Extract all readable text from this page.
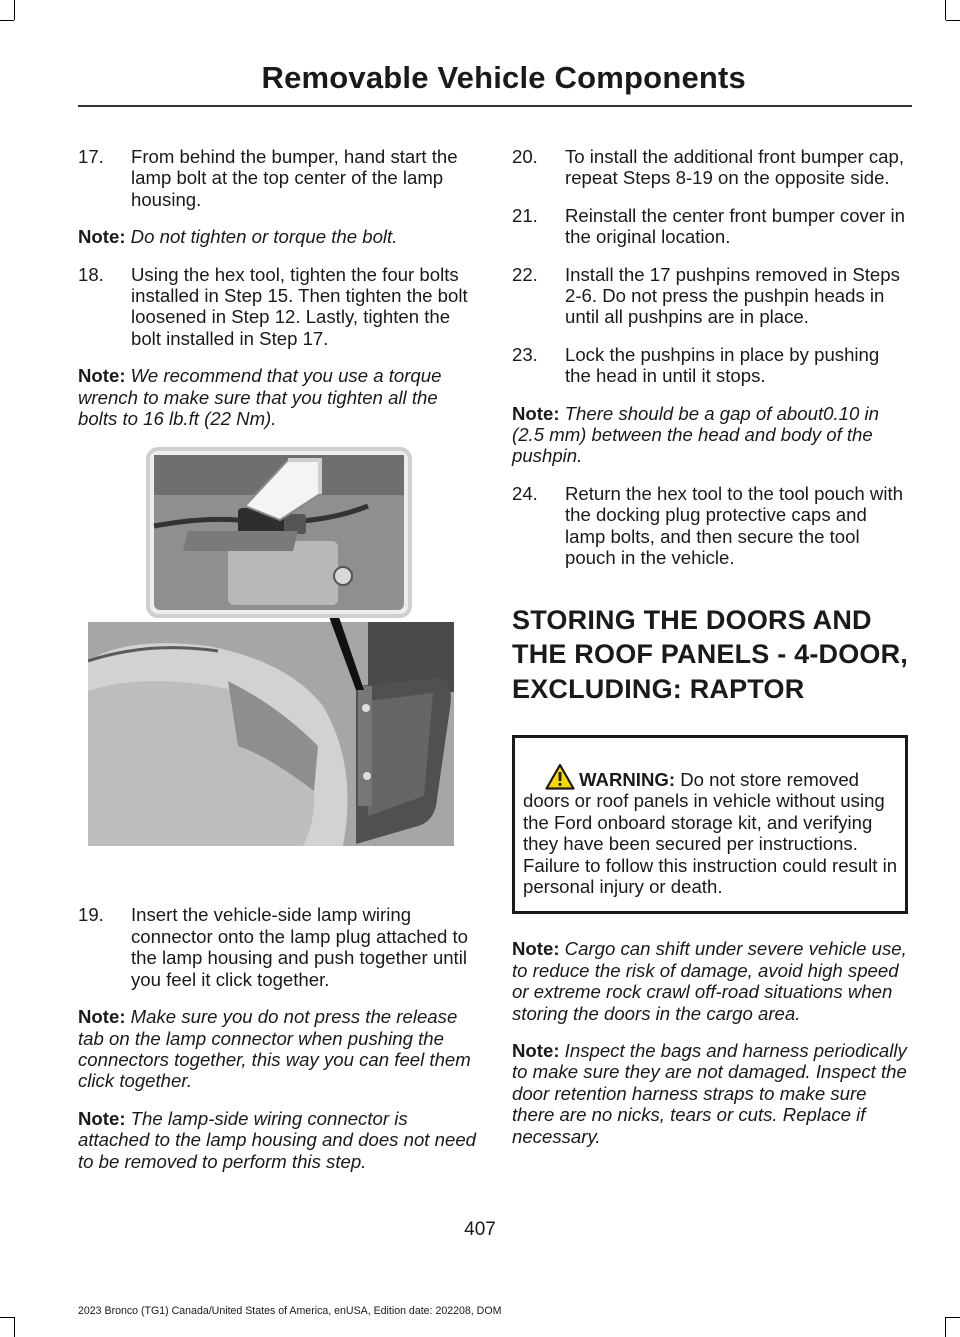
Removable Vehicle Components
17. From behind the bumper, hand start the lamp bolt at the top center of the lamp housing.

Note: Do not tighten or torque the bolt.

18. Using the hex tool, tighten the four bolts installed in Step 15. Then tighten the bolt loosened in Step 12. Lastly, tighten the bolt installed in Step 17.

Note: We recommend that you use a torque wrench to make sure that you tighten all the bolts to 16 lb.ft (22 Nm).

19. Insert the vehicle-side lamp wiring connector onto the lamp plug attached to the lamp housing and push together until you feel it click together.

Note: Make sure you do not press the release tab on the lamp connector when pushing the connectors together, this way you can feel them click together.

Note: The lamp-side wiring connector is attached to the lamp housing and does not need to be removed to perform this step.

20. To install the additional front bumper cap, repeat Steps 8-19 on the opposite side.
21. Reinstall the center front bumper cover in the original location.
22. Install the 17 pushpins removed in Steps 2-6. Do not press the pushpin heads in until all pushpins are in place.
23. Lock the pushpins in place by pushing the head in until it stops.

Note: There should be a gap of about0.10 in (2.5 mm) between the head and body of the pushpin.

24. Return the hex tool to the tool pouch with the docking plug protective caps and lamp bolts, and then secure the tool pouch in the vehicle.
STORING THE DOORS AND THE ROOF PANELS - 4-DOOR, EXCLUDING: RAPTOR
WARNING: Do not store removed doors or roof panels in vehicle without using the Ford onboard storage kit, and verifying they have been secured per instructions. Failure to follow this instruction could result in personal injury or death.

Note: Cargo can shift under severe vehicle use, to reduce the risk of damage, avoid high speed or extreme rock crawl off-road situations when storing the doors in the cargo area.

Note: Inspect the bags and harness periodically to make sure they are not damaged. Inspect the door retention harness straps to make sure there are no nicks, tears or cuts. Replace if necessary.

407
2023 Bronco (TG1) Canada/United States of America, enUSA, Edition date: 202208, DOM
